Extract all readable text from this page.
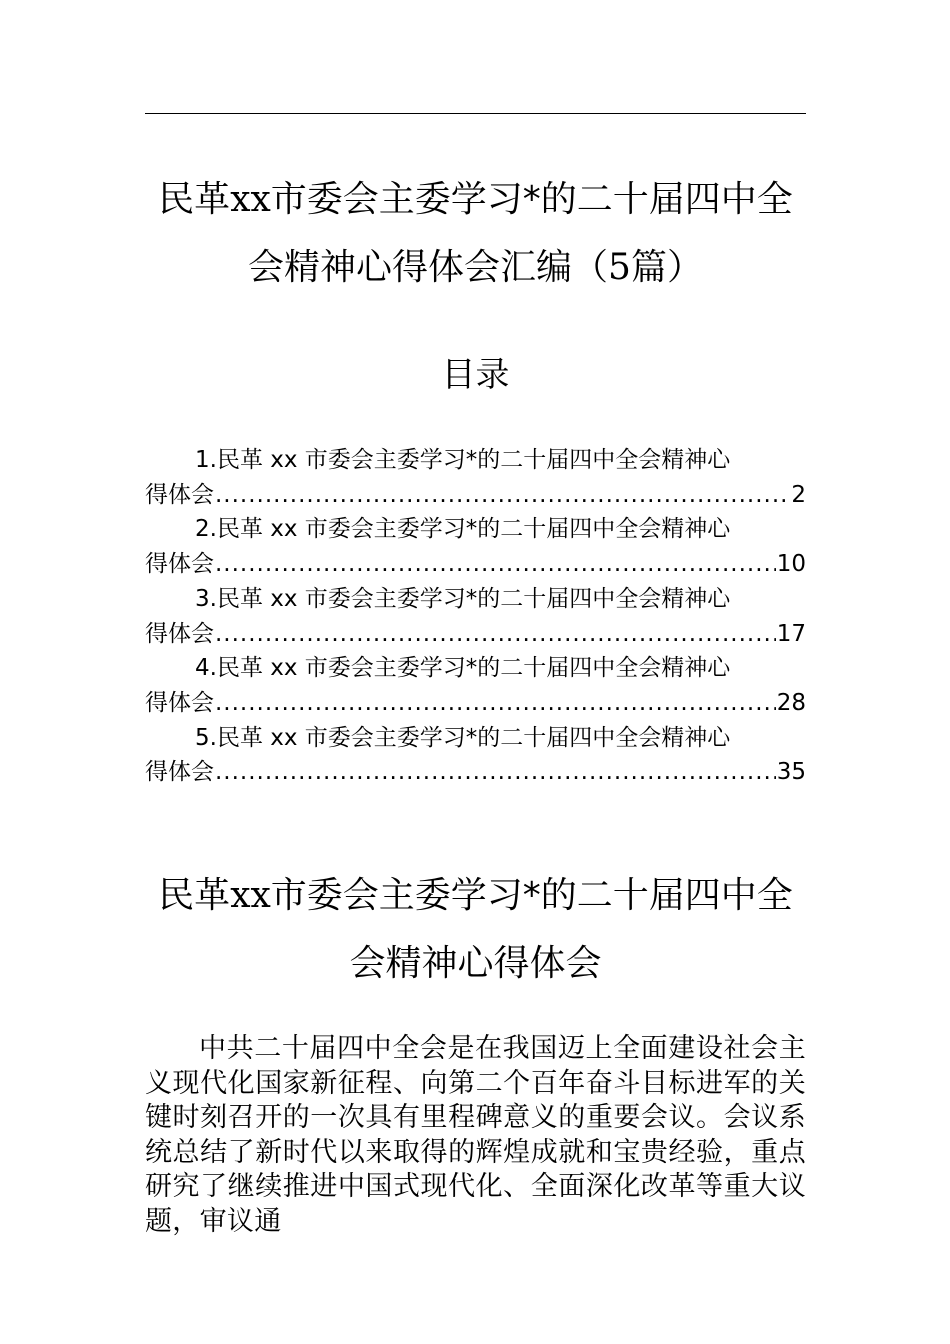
民革xx市委会主委学习*的二十届四中全会精神心得体会汇编（5篇）
目录
1.民革 xx 市委会主委学习*的二十届四中全会精神心
得体会 .....	2
2.民革 xx 市委会主委学习*的二十届四中全会精神心
得体会 .....	10
3.民革 xx 市委会主委学习*的二十届四中全会精神心
得体会 .....	17
4.民革 xx 市委会主委学习*的二十届四中全会精神心
得体会 .....	28
5.民革 xx 市委会主委学习*的二十届四中全会精神心
得体会 .....	35
民革xx市委会主委学习*的二十届四中全会精神心得体会

中共二十届四中全会是在我国迈上全面建设社会主义现代化国家新征程、向第二个百年奋斗目标进军的关键时刻召开的一次具有里程碑意义的重要会议。会议系统总结了新时代以来取得的辉煌成就和宝贵经验，重点研究了继续推进中国式现代化、全面深化改革等重大议题，审议通
